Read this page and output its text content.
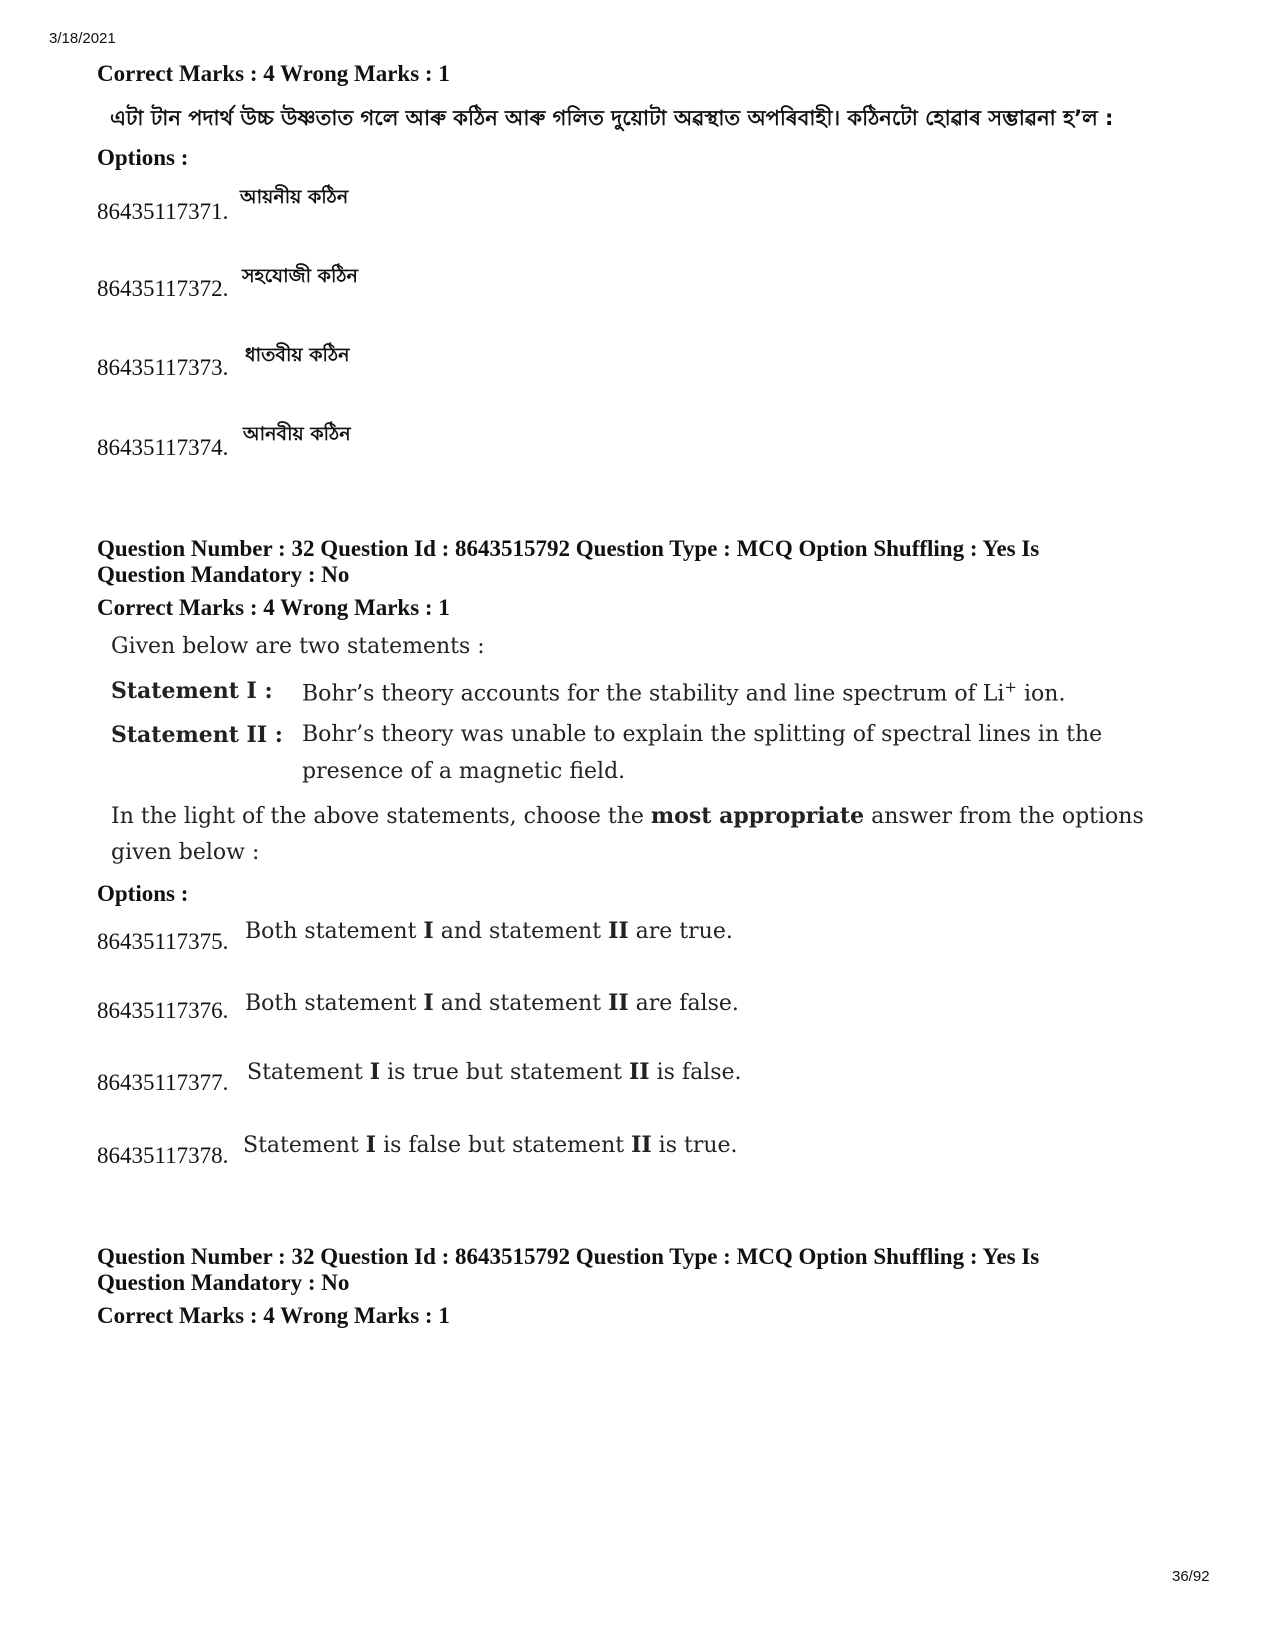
3/18/2021
36/92
Correct Marks : 4 Wrong Marks : 1
এটা টান পদাৰ্থ উচ্চ উষ্ণতাত গলে আৰু কঠিন আৰু গলিত দুয়োটা অৱস্থাত অপৰিবাহী। কঠিনটো হোৱাৰ সম্ভাৱনা হ’ল :
Options :
86435117371.
আয়নীয় কঠিন
86435117372. সহযোজী কঠিন
86435117373. ধাতবীয় কঠিন
86435117374.
আনবীয় কঠিন
Question Number : 32 Question Id : 8643515792 Question Type : MCQ Option Shuffling : Yes Is
Question Mandatory : No
Correct Marks : 4 Wrong Marks : 1
Given below are two statements :
Statement I : Bohr’s theory accounts for the stability and line spectrum of Li+ ion.
Statement II : Bohr’s theory was unable to explain the splitting of spectral lines in the
presence of a magnetic field.
In the light of the above statements, choose the most appropriate answer from the options
given below :
Options :
86435117375. Both statement I and statement II are true.
86435117376. Both statement I and statement II are false.
86435117377. Statement I is true but statement II is false.
86435117378. Statement I is false but statement II is true.
Question Number : 32 Question Id : 8643515792 Question Type : MCQ Option Shuffling : Yes Is
Question Mandatory : No
Correct Marks : 4 Wrong Marks : 1
